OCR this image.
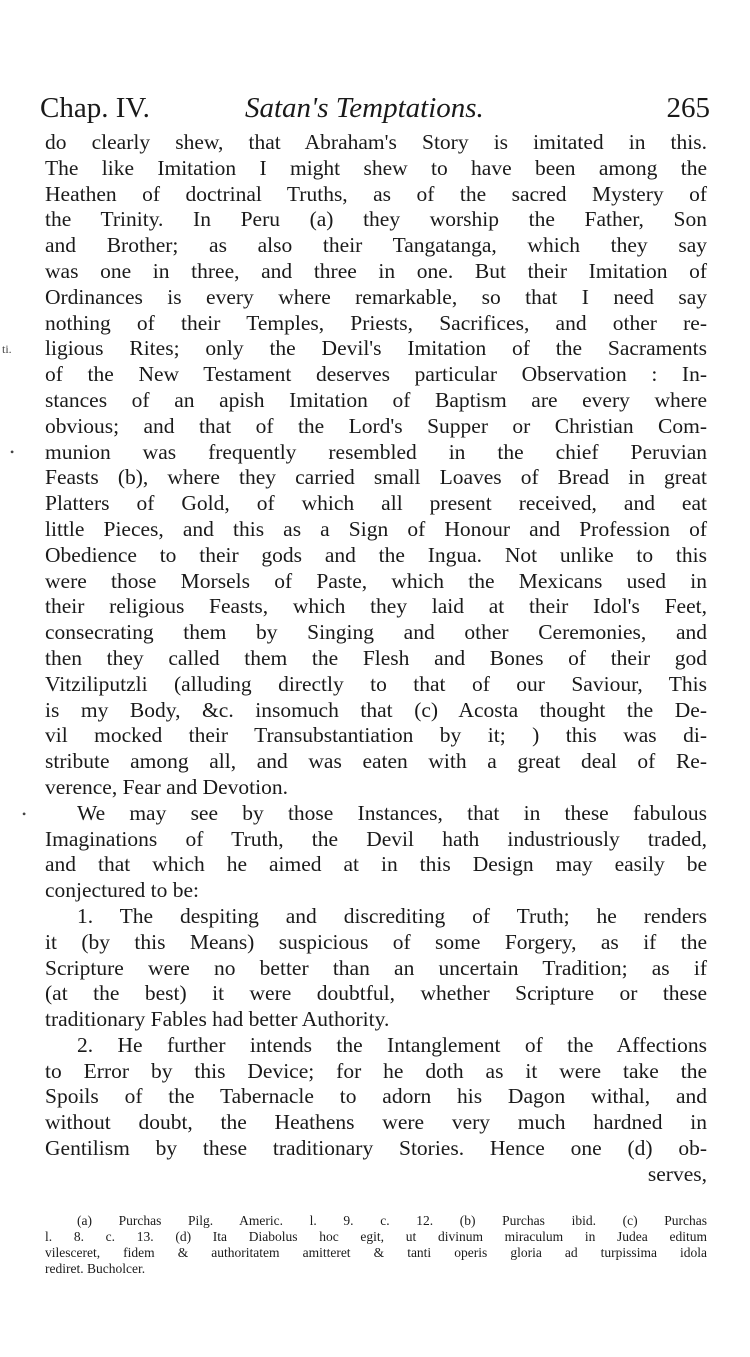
Chap. IV.	Satan's Temptations.	265
do clearly shew, that Abraham's Story is imitated in this.
The like Imitation I might shew to have been among the
Heathen of doctrinal Truths, as of the sacred Mystery of
the Trinity. In Peru (a) they worship the Father, Son
and Brother; as also their Tangatanga, which they say
was one in three, and three in one. But their Imitation of
Ordinances is every where remarkable, so that I need say
nothing of their Temples, Priests, Sacrifices, and other re-
ligious Rites; only the Devil's Imitation of the Sacraments
of the New Testament deserves particular Observation : In-
stances of an apish Imitation of Baptism are every where
obvious; and that of the Lord's Supper or Christian Com-
munion was frequently resembled in the chief Peruvian
Feasts (b), where they carried small Loaves of Bread in great
Platters of Gold, of which all present received, and eat
little Pieces, and this as a Sign of Honour and Profession of
Obedience to their gods and the Ingua. Not unlike to this
were those Morsels of Paste, which the Mexicans used in
their religious Feasts, which they laid at their Idol's Feet,
consecrating them by Singing and other Ceremonies, and
then they called them the Flesh and Bones of their god
Vitziliputzli (alluding directly to that of our Saviour, This
is my Body, &c. insomuch that (c) Acosta thought the De-
vil mocked their Transubstantiation by it; ) this was di-
stribute among all, and was eaten with a great deal of Re-
verence, Fear and Devotion.
We may see by those Instances, that in these fabulous
Imaginations of Truth, the Devil hath industriously traded,
and that which he aimed at in this Design may easily be
conjectured to be:
1. The despiting and discrediting of Truth; he renders
it (by this Means) suspicious of some Forgery, as if the
Scripture were no better than an uncertain Tradition; as if
(at the best) it were doubtful, whether Scripture or these
traditionary Fables had better Authority.
2. He further intends the Intanglement of the Affections
to Error by this Device; for he doth as it were take the
Spoils of the Tabernacle to adorn his Dagon withal, and
without doubt, the Heathens were very much hardned in
Gentilism by these traditionary Stories. Hence one (d) ob-
serves,
(a) Purchas Pilg. Americ. l. 9. c. 12. (b) Purchas ibid. (c) Purchas
l. 8. c. 13. (d) Ita Diabolus hoc egit, ut divinum miraculum in Judea editum
vilesceret, fidem & authoritatem amitteret & tanti operis gloria ad turpissima idola
rediret. Bucholcer.
ti.
•
•
